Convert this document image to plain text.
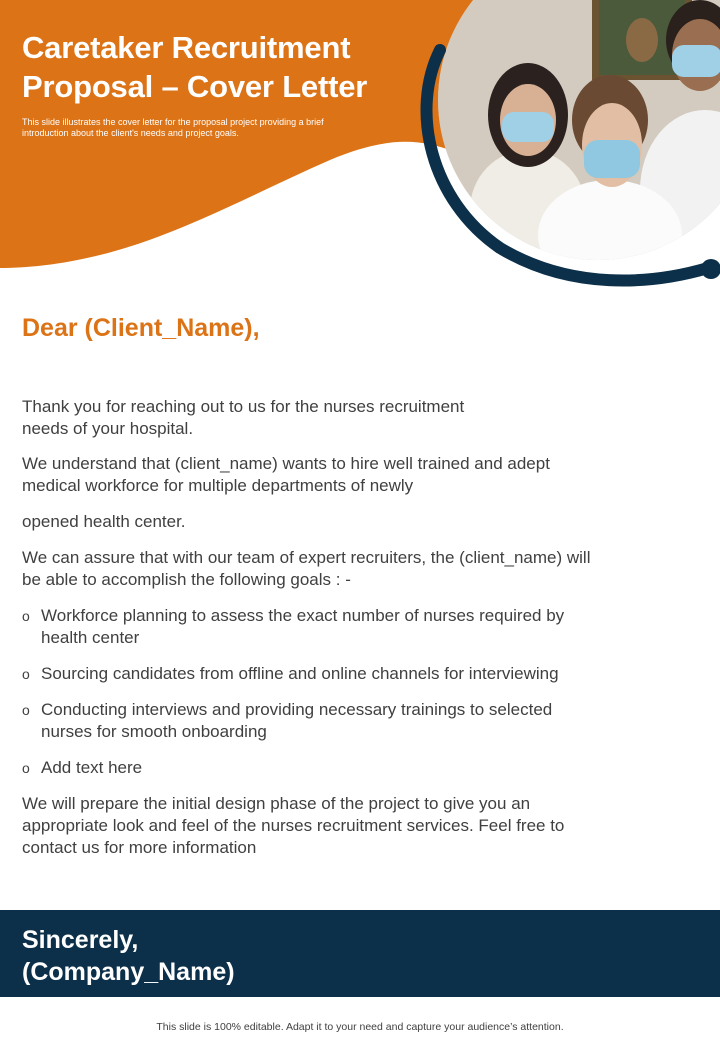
Caretaker Recruitment
Proposal – Cover Letter

This slide illustrates the cover letter for the proposal project providing a brief introduction about the client's needs and project goals.

Dear (Client_Name),

Thank you for reaching out to us for the nurses recruitment
needs of your hospital.

We understand that (client_name) wants to hire well trained and adept
medical workforce for multiple departments of newly

opened health center.

We can assure that with our team of expert recruiters, the (client_name) will
be able to accomplish the following goals : -

o Workforce planning to assess the exact number of nurses required by
health center
o Sourcing candidates from offline and online channels for interviewing
o Conducting interviews and providing necessary trainings to selected
nurses for smooth onboarding
o Add text here

We will prepare the initial design phase of the project to give you an
appropriate look and feel of the nurses recruitment services. Feel free to
contact us for more information

Sincerely,
(Company_Name)

This slide is 100% editable. Adapt it to your need and capture your audience’s attention.
